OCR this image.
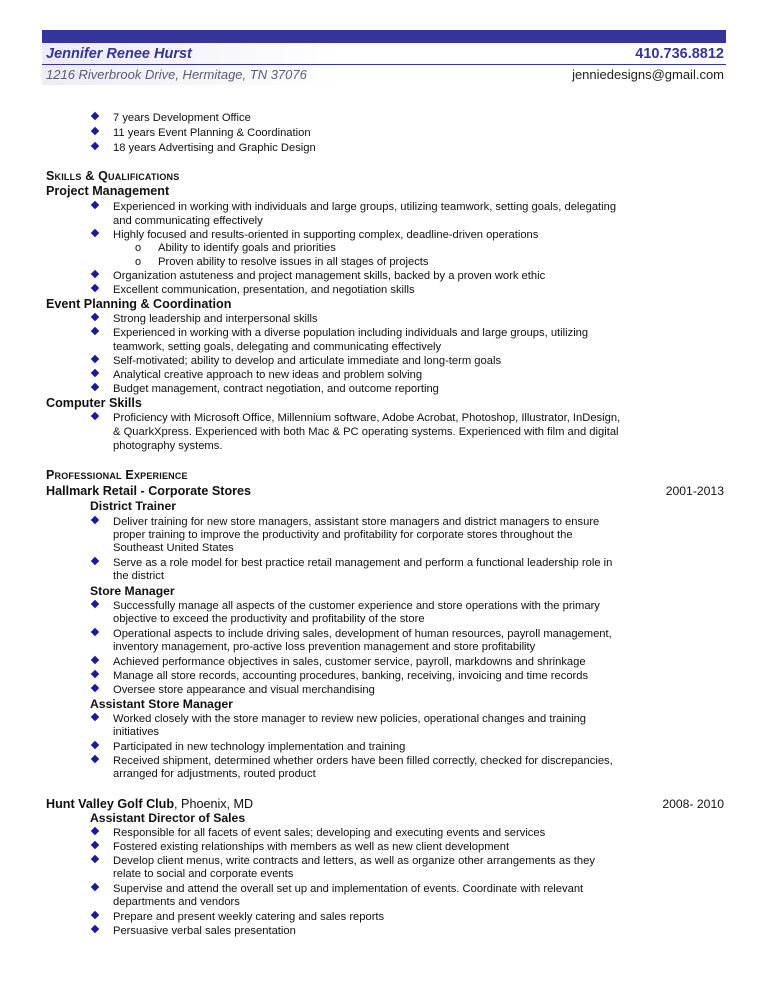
Jennifer Renee Hurst	410.736.8812
1216 Riverbrook Drive, Hermitage, TN 37076	jenniedesigns@gmail.com
7 years Development Office
11 years Event Planning & Coordination
18 years Advertising and Graphic Design
Skills & Qualifications
Project Management
Experienced in working with individuals and large groups, utilizing teamwork, setting goals, delegating
and communicating effectively
Highly focused and results-oriented in supporting complex, deadline-driven operations
o Ability to identify goals and priorities
o Proven ability to resolve issues in all stages of projects
Organization astuteness and project management skills, backed by a proven work ethic
Excellent communication, presentation, and negotiation skills
Event Planning & Coordination
Strong leadership and interpersonal skills
Experienced in working with a diverse population including individuals and large groups, utilizing
teamwork, setting goals, delegating and communicating effectively
Self-motivated; ability to develop and articulate immediate and long-term goals
Analytical creative approach to new ideas and problem solving
Budget management, contract negotiation, and outcome reporting
Computer Skills
Proficiency with Microsoft Office, Millennium software, Adobe Acrobat, Photoshop, Illustrator, InDesign,
& QuarkXpress. Experienced with both Mac & PC operating systems. Experienced with film and digital
photography systems.
Professional Experience
Hallmark Retail - Corporate Stores	2001-2013
District Trainer
Deliver training for new store managers, assistant store managers and district managers to ensure
proper training to improve the productivity and profitability for corporate stores throughout the
Southeast United States
Serve as a role model for best practice retail management and perform a functional leadership role in
the district
Store Manager
Successfully manage all aspects of the customer experience and store operations with the primary
objective to exceed the productivity and profitability of the store
Operational aspects to include driving sales, development of human resources, payroll management,
inventory management, pro-active loss prevention management and store profitability
Achieved performance objectives in sales, customer service, payroll, markdowns and shrinkage
Manage all store records, accounting procedures, banking, receiving, invoicing and time records
Oversee store appearance and visual merchandising
Assistant Store Manager
Worked closely with the store manager to review new policies, operational changes and training
initiatives
Participated in new technology implementation and training
Received shipment, determined whether orders have been filled correctly, checked for discrepancies,
arranged for adjustments, routed product
Hunt Valley Golf Club, Phoenix, MD	2008- 2010
Assistant Director of Sales
Responsible for all facets of event sales; developing and executing events and services
Fostered existing relationships with members as well as new client development
Develop client menus, write contracts and letters, as well as organize other arrangements as they
relate to social and corporate events
Supervise and attend the overall set up and implementation of events. Coordinate with relevant
departments and vendors
Prepare and present weekly catering and sales reports
Persuasive verbal sales presentation
